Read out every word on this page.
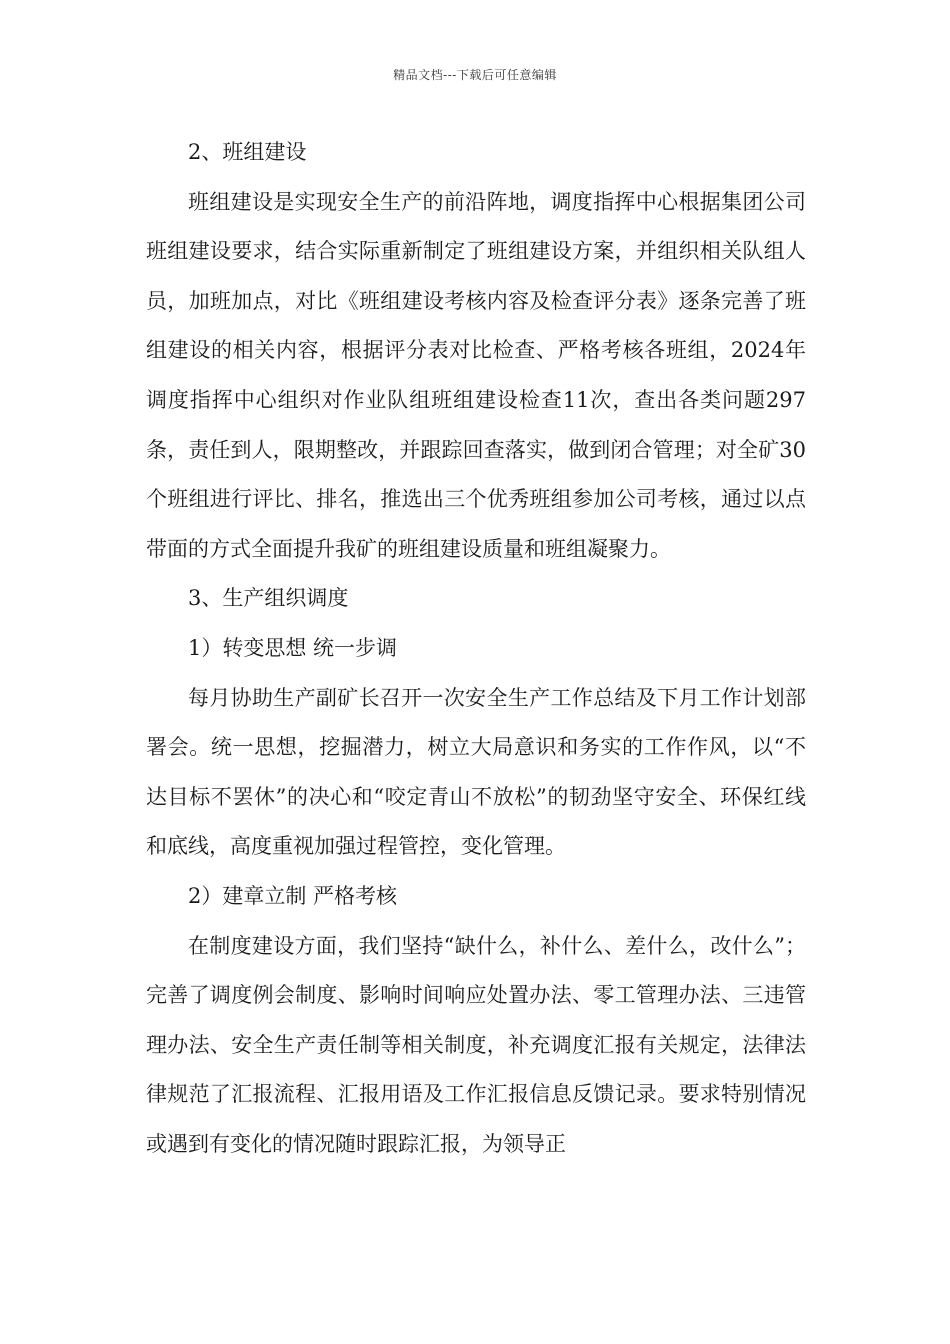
精品文档---下载后可任意编辑
2、班组建设

班组建设是实现安全生产的前沿阵地，调度指挥中心根据集团公司班组建设要求，结合实际重新制定了班组建设方案，并组织相关队组人员，加班加点，对比《班组建设考核内容及检查评分表》逐条完善了班组建设的相关内容，根据评分表对比检查、严格考核各班组，2024年调度指挥中心组织对作业队组班组建设检查11次，查出各类问题297条，责任到人，限期整改，并跟踪回查落实，做到闭合管理；对全矿30个班组进行评比、排名，推选出三个优秀班组参加公司考核，通过以点带面的方式全面提升我矿的班组建设质量和班组凝聚力。

3、生产组织调度
1）转变思想 统一步调

每月协助生产副矿长召开一次安全生产工作总结及下月工作计划部署会。统一思想，挖掘潜力，树立大局意识和务实的工作作风，以“不达目标不罢休”的决心和“咬定青山不放松”的韧劲坚守安全、环保红线和底线，高度重视加强过程管控，变化管理。

2）建章立制 严格考核

在制度建设方面，我们坚持“缺什么，补什么、差什么，改什么”；完善了调度例会制度、影响时间响应处置办法、零工管理办法、三违管理办法、安全生产责任制等相关制度，补充调度汇报有关规定，法律法律规范了汇报流程、汇报用语及工作汇报信息反馈记录。要求特别情况或遇到有变化的情况随时跟踪汇报，为领导正
